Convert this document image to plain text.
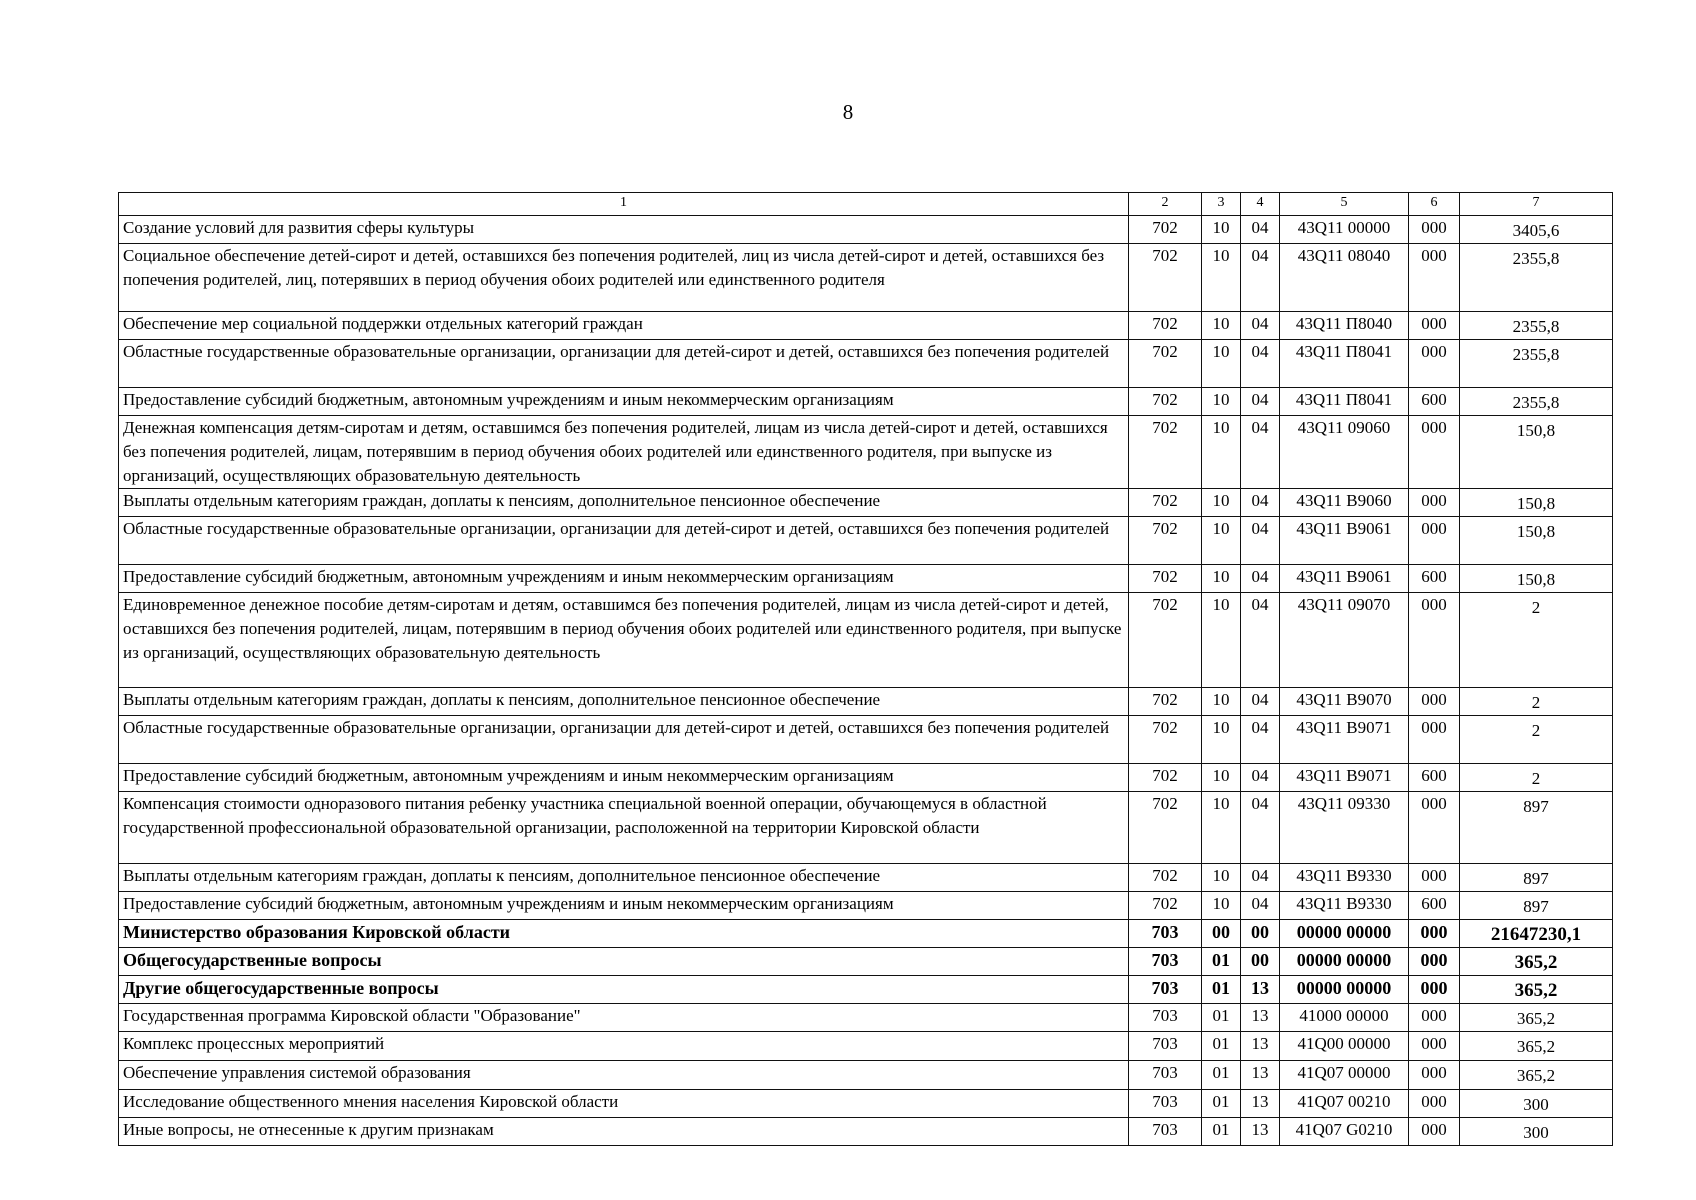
8
1	2	3	4	5	6	7
Создание условий для развития сферы культуры	702	10	04	43Q11 00000	000	3405,6
Социальное обеспечение детей-сирот и детей, оставшихся без попечения родителей, лиц из числа детей-сирот и детей, оставшихся без попечения родителей, лиц, потерявших в период обучения обоих родителей или единственного родителя	702	10	04	43Q11 08040	000	2355,8
Обеспечение мер социальной поддержки отдельных категорий граждан	702	10	04	43Q11 П8040	000	2355,8
Областные государственные образовательные организации, организации для детей-сирот и детей, оставшихся без попечения родителей	702	10	04	43Q11 П8041	000	2355,8
Предоставление субсидий бюджетным, автономным учреждениям и иным некоммерческим организациям	702	10	04	43Q11 П8041	600	2355,8
Денежная компенсация детям-сиротам и детям, оставшимся без попечения родителей, лицам из числа детей-сирот и детей, оставшихся без попечения родителей, лицам, потерявшим в период обучения обоих родителей или единственного родителя, при выпуске из организаций, осуществляющих образовательную деятельность	702	10	04	43Q11 09060	000	150,8
Выплаты отдельным категориям граждан, доплаты к пенсиям, дополнительное пенсионное обеспечение	702	10	04	43Q11 В9060	000	150,8
Областные государственные образовательные организации, организации для детей-сирот и детей, оставшихся без попечения родителей	702	10	04	43Q11 В9061	000	150,8
Предоставление субсидий бюджетным, автономным учреждениям и иным некоммерческим организациям	702	10	04	43Q11 В9061	600	150,8
Единовременное денежное пособие детям-сиротам и детям, оставшимся без попечения родителей, лицам из числа детей-сирот и детей, оставшихся без попечения родителей, лицам, потерявшим в период обучения обоих родителей или единственного родителя, при выпуске из организаций, осуществляющих образовательную деятельность	702	10	04	43Q11 09070	000	2
Выплаты отдельным категориям граждан, доплаты к пенсиям, дополнительное пенсионное обеспечение	702	10	04	43Q11 В9070	000	2
Областные государственные образовательные организации, организации для детей-сирот и детей, оставшихся без попечения родителей	702	10	04	43Q11 В9071	000	2
Предоставление субсидий бюджетным, автономным учреждениям и иным некоммерческим организациям	702	10	04	43Q11 В9071	600	2
Компенсация стоимости одноразового питания ребенку участника специальной военной операции, обучающемуся в областной государственной профессиональной образовательной организации, расположенной на территории Кировской области	702	10	04	43Q11 09330	000	897
Выплаты отдельным категориям граждан, доплаты к пенсиям, дополнительное пенсионное обеспечение	702	10	04	43Q11 В9330	000	897
Предоставление субсидий бюджетным, автономным учреждениям и иным некоммерческим организациям	702	10	04	43Q11 В9330	600	897
Министерство образования Кировской области	703	00	00	00000 00000	000	21647230,1
Общегосударственные вопросы	703	01	00	00000 00000	000	365,2
Другие общегосударственные вопросы	703	01	13	00000 00000	000	365,2
Государственная программа Кировской области "Образование"	703	01	13	41000 00000	000	365,2
Комплекс процессных мероприятий	703	01	13	41Q00 00000	000	365,2
Обеспечение управления системой образования	703	01	13	41Q07 00000	000	365,2
Исследование общественного мнения населения Кировской области	703	01	13	41Q07 00210	000	300
Иные вопросы, не отнесенные к другим признакам	703	01	13	41Q07 G0210	000	300
